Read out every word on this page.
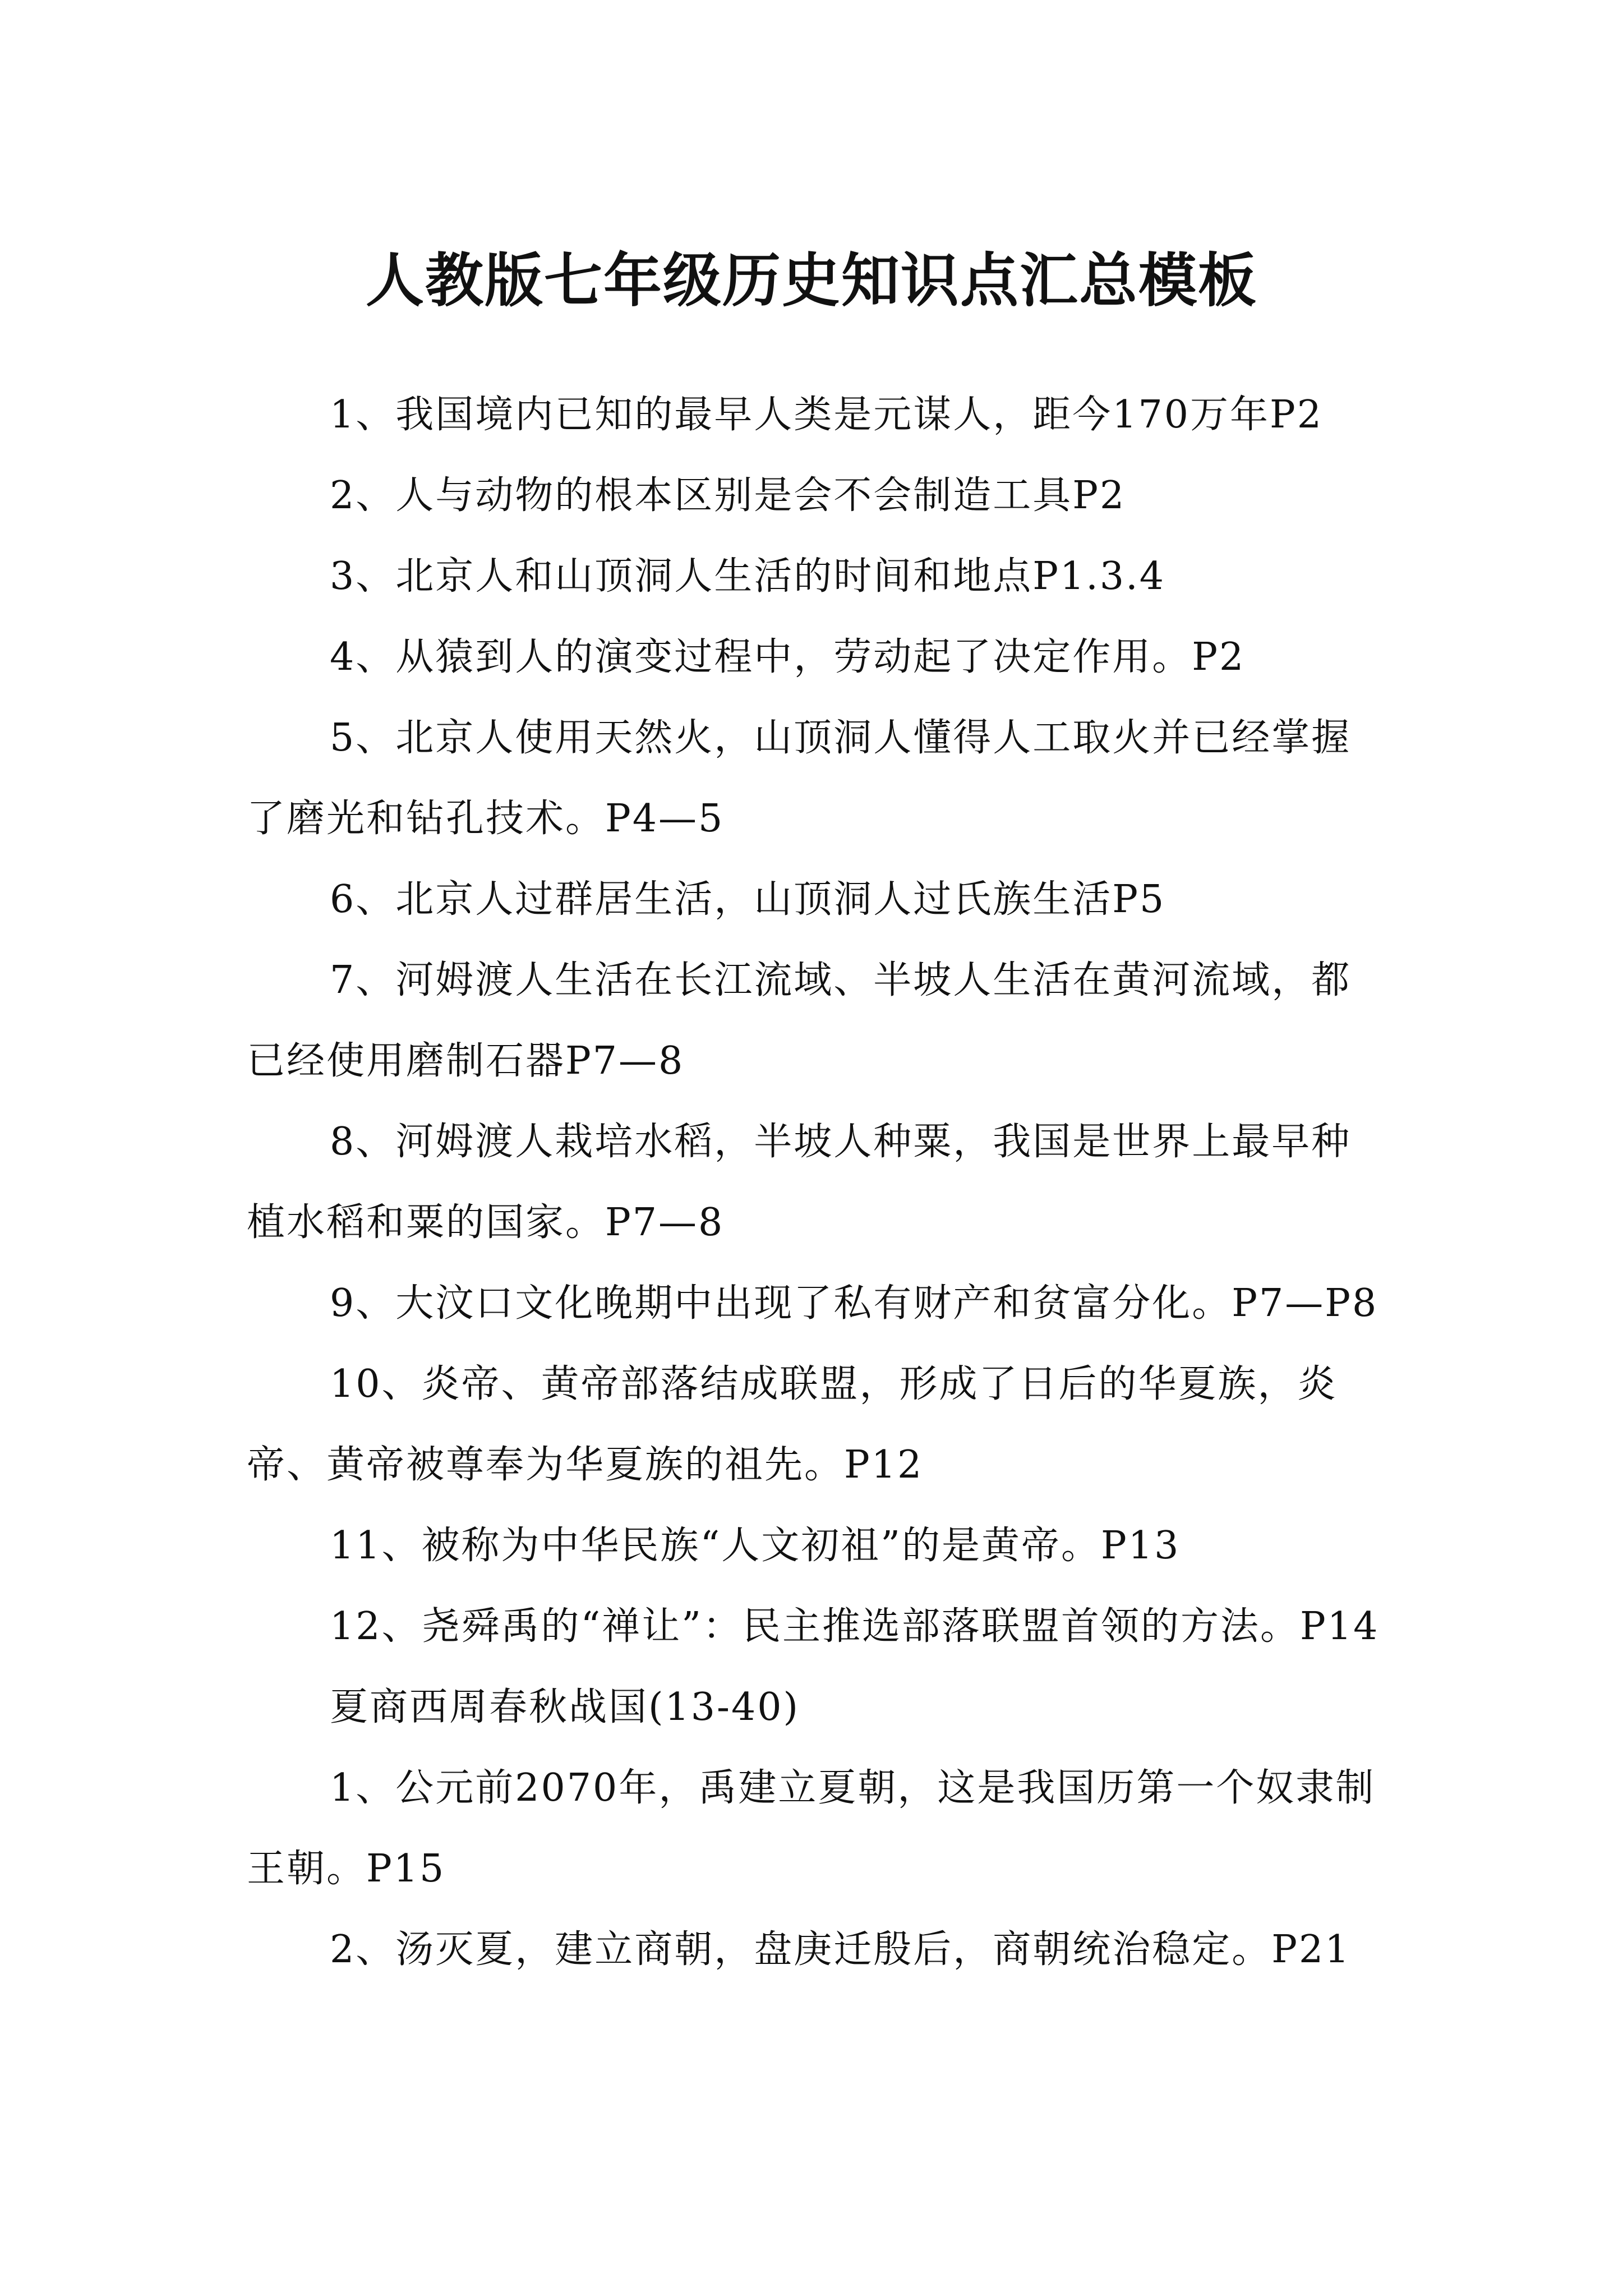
人教版七年级历史知识点汇总模板

1、我国境内已知的最早人类是元谋人，距今170万年P2

2、人与动物的根本区别是会不会制造工具P2

3、北京人和山顶洞人生活的时间和地点P1.3.4

4、从猿到人的演变过程中，劳动起了决定作用。P2

5、北京人使用天然火，山顶洞人懂得人工取火并已经掌握了磨光和钻孔技术。P4—5

6、北京人过群居生活，山顶洞人过氏族生活P5

7、河姆渡人生活在长江流域、半坡人生活在黄河流域，都已经使用磨制石器P7—8

8、河姆渡人栽培水稻，半坡人种粟，我国是世界上最早种植水稻和粟的国家。P7—8

9、大汶口文化晚期中出现了私有财产和贫富分化。P7—P8

10、炎帝、黄帝部落结成联盟，形成了日后的华夏族，炎帝、黄帝被尊奉为华夏族的祖先。P12

11、被称为中华民族“人文初祖”的是黄帝。P13

12、尧舜禹的“禅让”：民主推选部落联盟首领的方法。P14

夏商西周春秋战国(13-40)

1、公元前2070年，禹建立夏朝，这是我国历第一个奴隶制王朝。P15

2、汤灭夏，建立商朝，盘庚迁殷后，商朝统治稳定。P21
